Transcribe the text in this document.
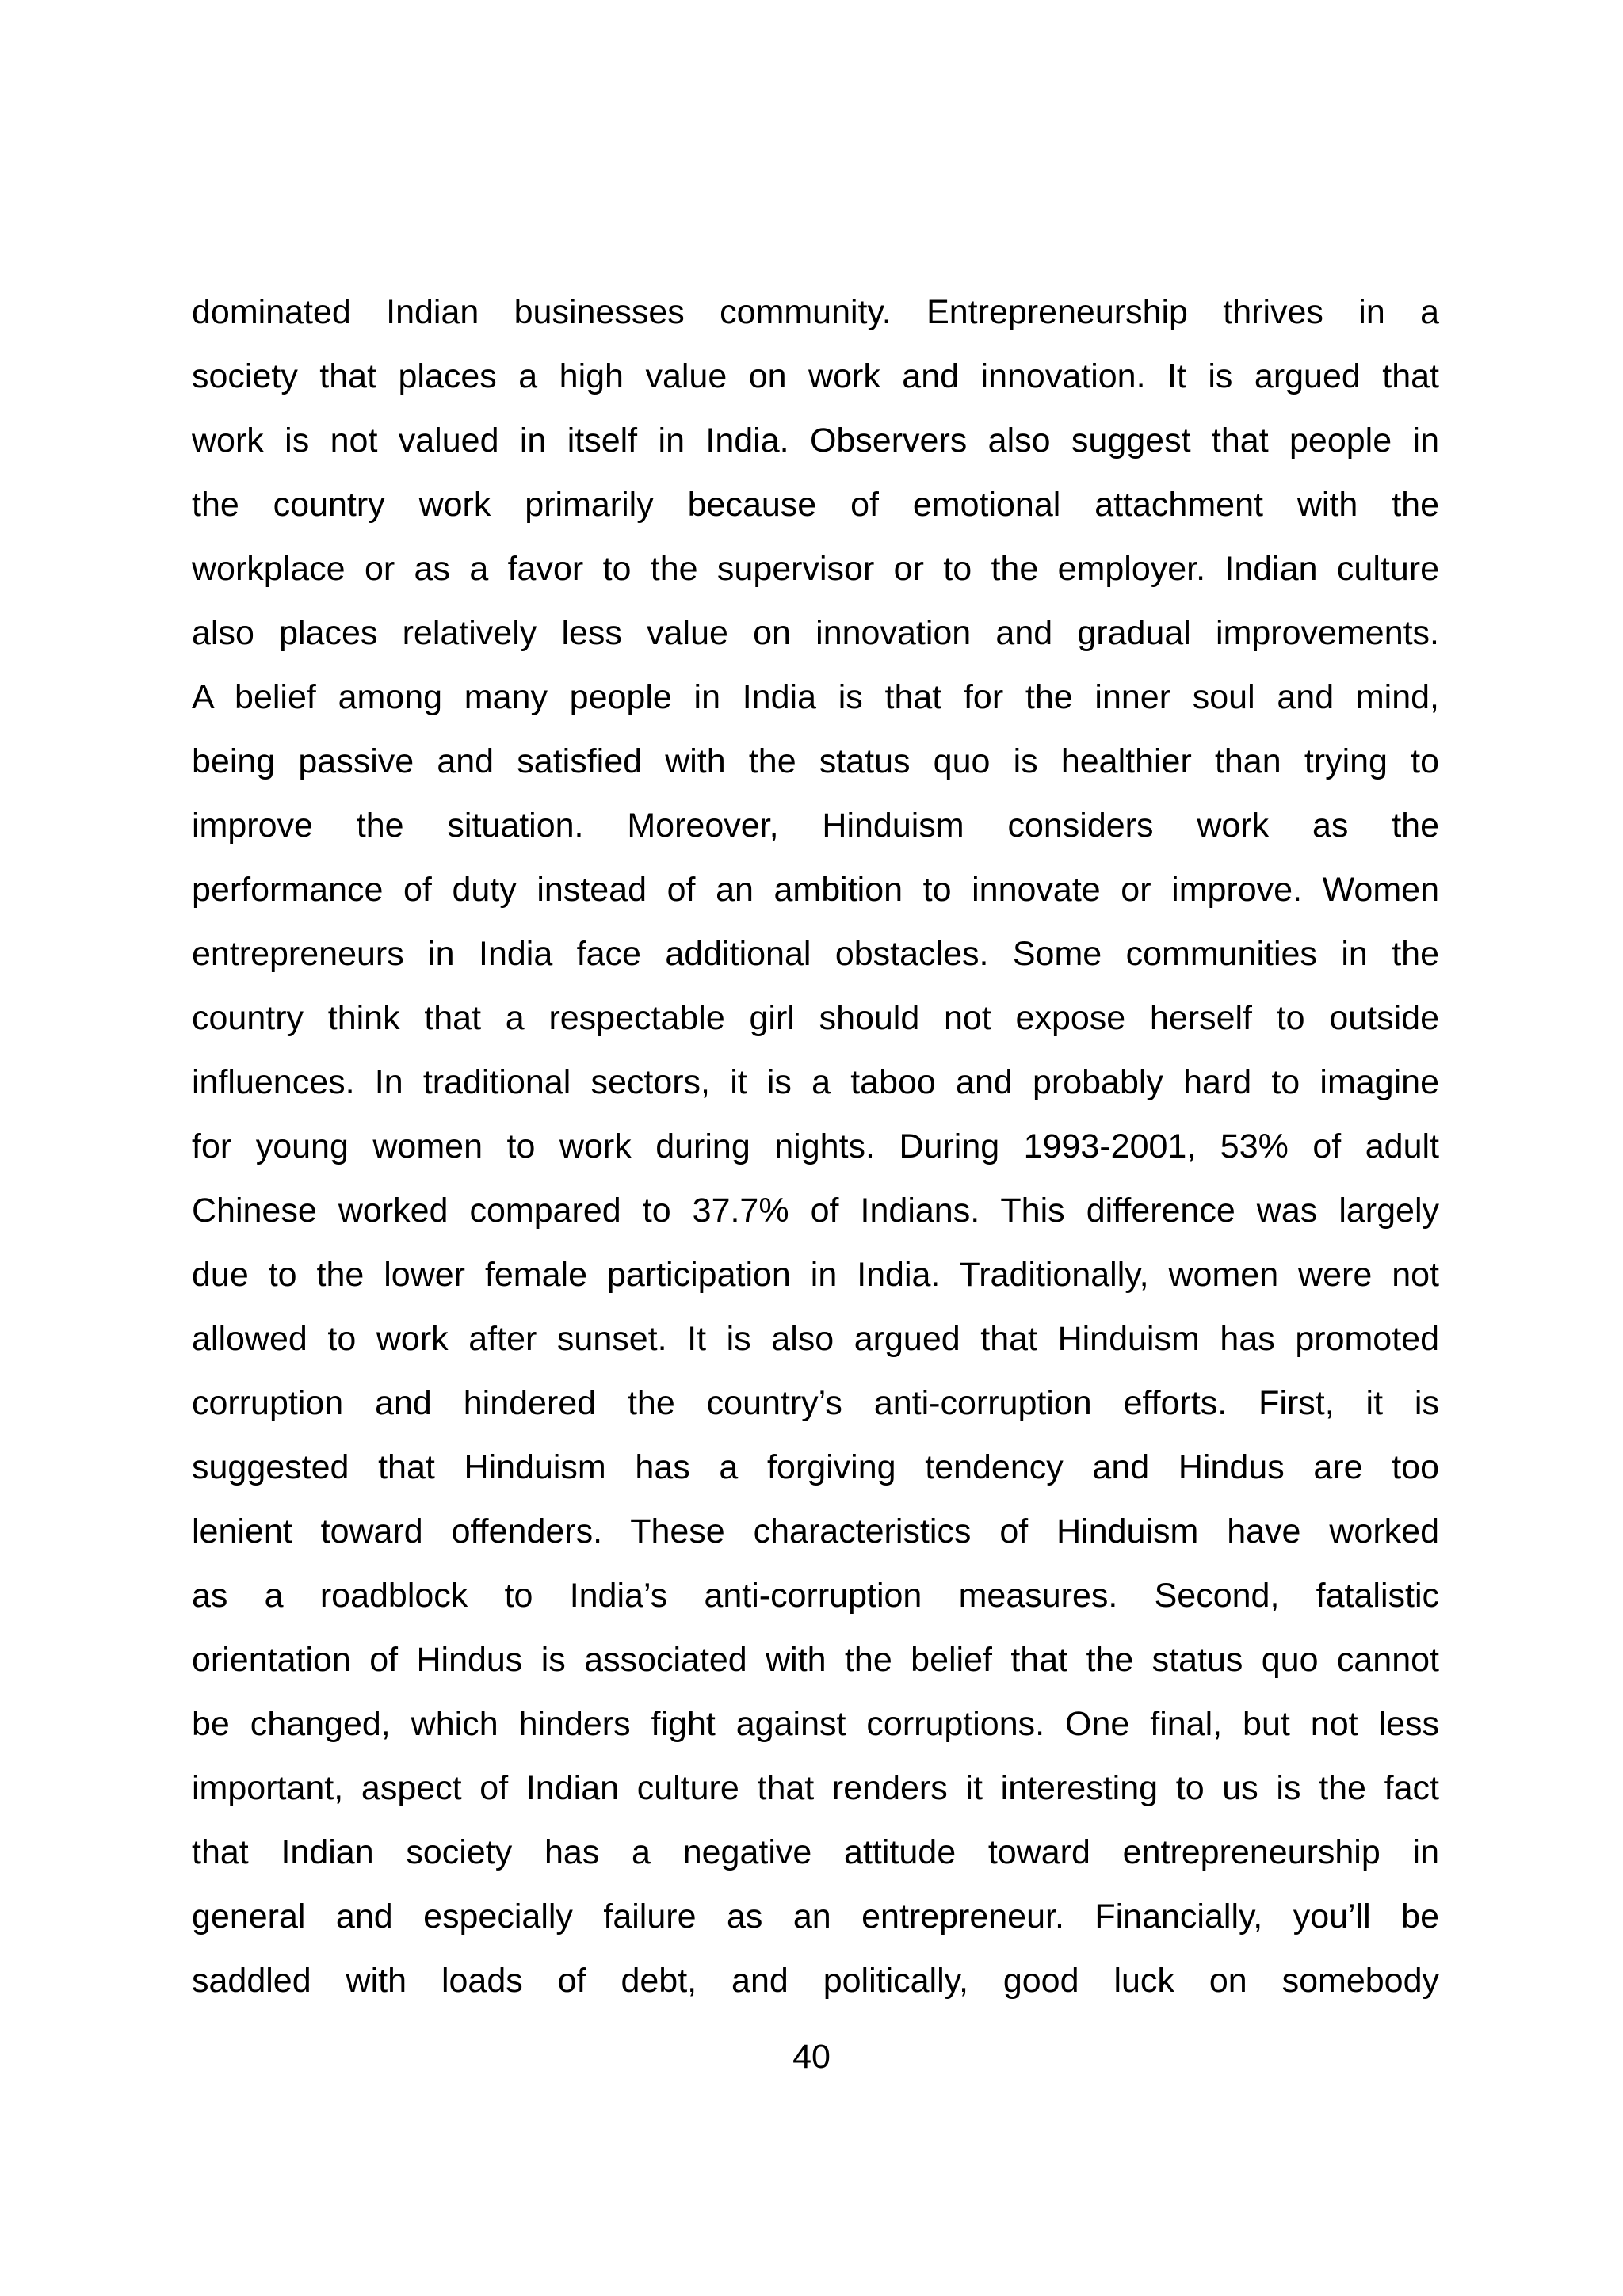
dominated Indian businesses community. Entrepreneurship thrives in a
society that places a high value on work and innovation. It is argued that
work is not valued in itself in India. Observers also suggest that people in
the country work primarily because of emotional attachment with the
workplace or as a favor to the supervisor or to the employer. Indian culture
also places relatively less value on innovation and gradual improvements.
A belief among many people in India is that for the inner soul and mind,
being passive and satisfied with the status quo is healthier than trying to
improve the situation. Moreover, Hinduism considers work as the
performance of duty instead of an ambition to innovate or improve. Women
entrepreneurs in India face additional obstacles. Some communities in the
country think that a respectable girl should not expose herself to outside
influences. In traditional sectors, it is a taboo and probably hard to imagine
for young women to work during nights. During 1993-2001, 53% of adult
Chinese worked compared to 37.7% of Indians. This difference was largely
due to the lower female participation in India. Traditionally, women were not
allowed to work after sunset. It is also argued that Hinduism has promoted
corruption and hindered the country’s anti-corruption efforts. First, it is
suggested that Hinduism has a forgiving tendency and Hindus are too
lenient toward offenders. These characteristics of Hinduism have worked
as a roadblock to India’s anti-corruption measures. Second, fatalistic
orientation of Hindus is associated with the belief that the status quo cannot
be changed, which hinders fight against corruptions. One final, but not less
important, aspect of Indian culture that renders it interesting to us is the fact
that Indian society has a negative attitude toward entrepreneurship in
general and especially failure as an entrepreneur. Financially, you’ll be
saddled with loads of debt, and politically, good luck on somebody
40
